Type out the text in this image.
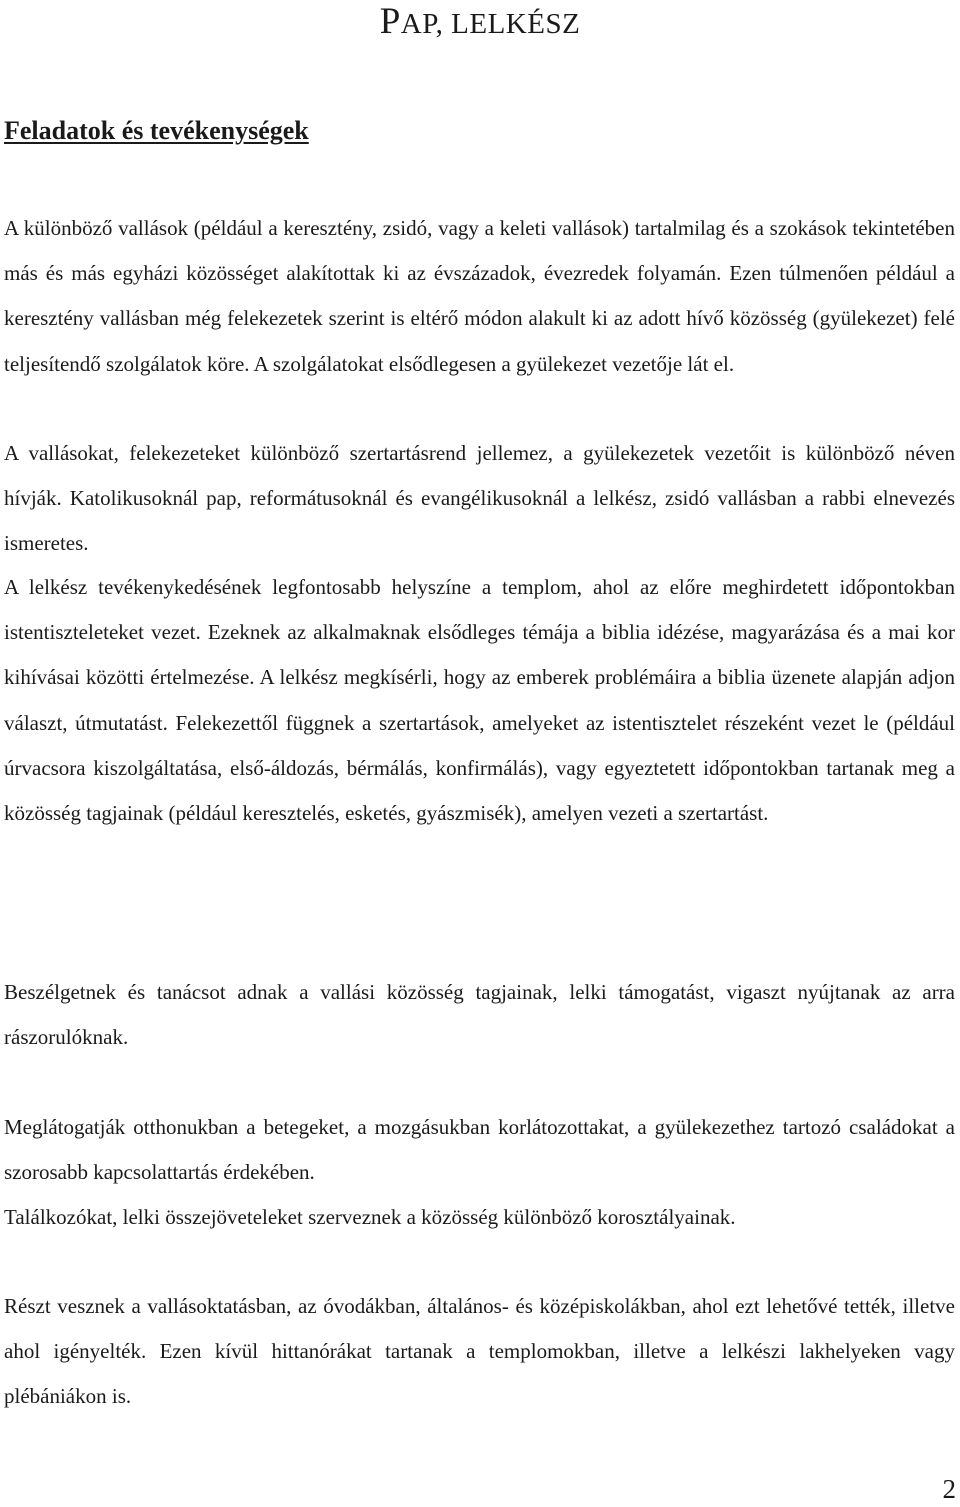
PAP, LELKÉSZ
Feladatok és tevékenységek

A különböző vallások (például a keresztény, zsidó, vagy a keleti vallások) tartalmilag és a szokások tekintetében más és más egyházi közösséget alakítottak ki az évszázadok, évezredek folyamán. Ezen túlmenően például a keresztény vallásban még felekezetek szerint is eltérő módon alakult ki az adott hívő közösség (gyülekezet) felé teljesítendő szolgálatok köre. A szolgálatokat elsődlegesen a gyülekezet vezetője lát el.

A vallásokat, felekezeteket különböző szertartásrend jellemez, a gyülekezetek vezetőit is különböző néven hívják. Katolikusoknál pap, reformátusoknál és evangélikusoknál a lelkész, zsidó vallásban a rabbi elnevezés ismeretes.

A lelkész tevékenykedésének legfontosabb helyszíne a templom, ahol az előre meghirdetett időpontokban istentiszteleteket vezet. Ezeknek az alkalmaknak elsődleges témája a biblia idézése, magyarázása és a mai kor kihívásai közötti értelmezése. A lelkész megkísérli, hogy az emberek problémáira a biblia üzenete alapján adjon választ, útmutatást. Felekezettől függnek a szertartások, amelyeket az istentisztelet részeként vezet le (például úrvacsora kiszolgáltatása, első-áldozás, bérmálás, konfirmálás), vagy egyeztetett időpontokban tartanak meg a közösség tagjainak (például keresztelés, esketés, gyászmisék), amelyen vezeti a szertartást.

Beszélgetnek és tanácsot adnak a vallási közösség tagjainak, lelki támogatást, vigaszt nyújtanak az arra rászorulóknak.

Meglátogatják otthonukban a betegeket, a mozgásukban korlátozottakat, a gyülekezethez tartozó családokat a szorosabb kapcsolattartás érdekében.

Találkozókat, lelki összejöveteleket szerveznek a közösség különböző korosztályainak.

Részt vesznek a vallásoktatásban, az óvodákban, általános- és középiskolákban, ahol ezt lehetővé tették, illetve ahol igényelték. Ezen kívül hittanórákat tartanak a templomokban, illetve a lelkészi lakhelyeken vagy plébániákon is.

2
